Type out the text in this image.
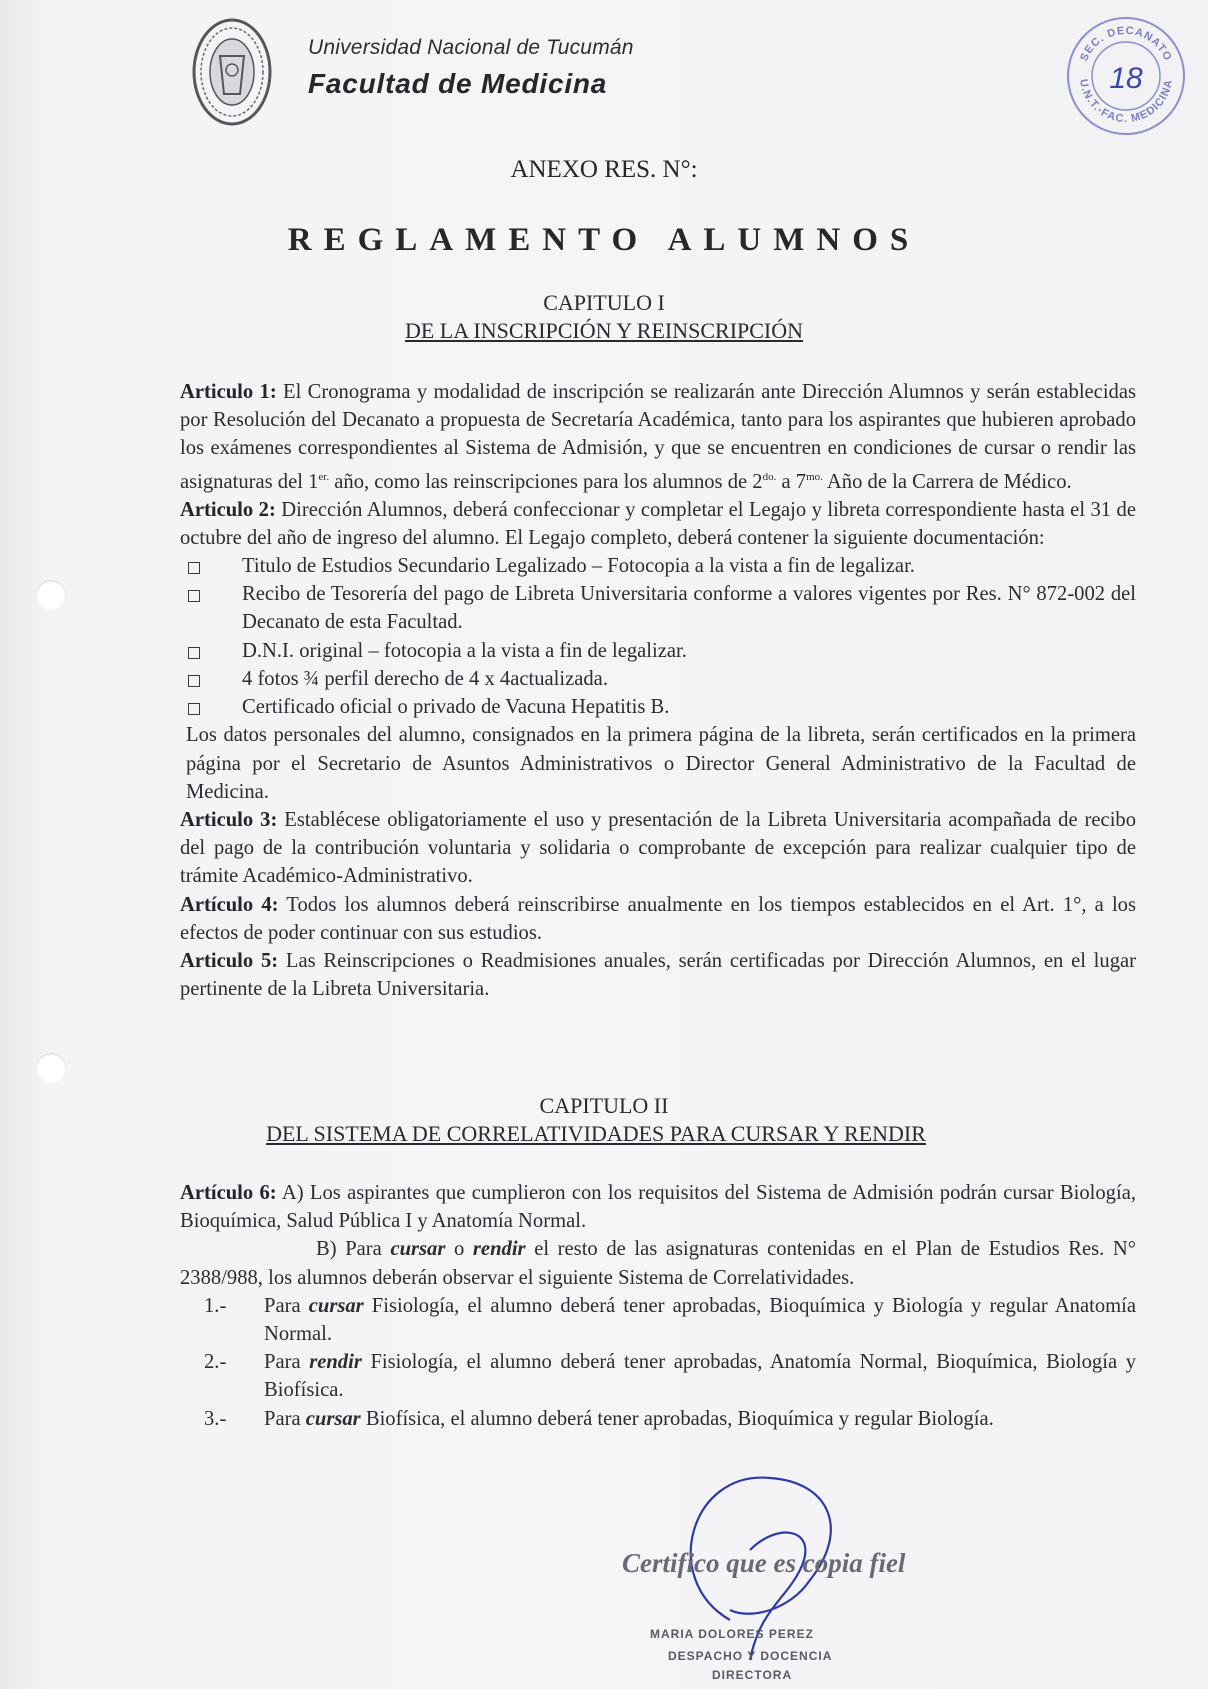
Universidad Nacional de Tucumán
Facultad de Medicina
SEC. DECANATO
U.N.T.-FAC. MEDICINA
18
ANEXO RES. N°:
REGLAMENTO ALUMNOS
CAPITULO I
DE LA INSCRIPCIÓN Y REINSCRIPCIÓN

Articulo 1: El Cronograma y modalidad de inscripción se realizarán ante Dirección Alumnos y serán establecidas por Resolución del Decanato a propuesta de Secretaría Académica, tanto para los aspirantes que hubieren aprobado los exámenes correspondientes al Sistema de Admisión, y que se encuentren en condiciones de cursar o rendir las asignaturas del $1^{er.}$ año, como las reinscripciones para los alumnos de $2^{do.}$ a $7^{mo.}$ Año de la Carrera de Médico.

Articulo 2: Dirección Alumnos, deberá confeccionar y completar el Legajo y libreta correspondiente hasta el 31 de octubre del año de ingreso del alumno. El Legajo completo, deberá contener la siguiente documentación:

Titulo de Estudios Secundario Legalizado – Fotocopia a la vista a fin de legalizar.
Recibo de Tesorería del pago de Libreta Universitaria conforme a valores vigentes por Res. N° 872-002 del Decanato de esta Facultad.
D.N.I. original – fotocopia a la vista a fin de legalizar.
4 fotos ¾ perfil derecho de 4 x 4actualizada.
Certificado oficial o privado de Vacuna Hepatitis B.

Los datos personales del alumno, consignados en la primera página de la libreta, serán certificados en la primera página por el Secretario de Asuntos Administrativos o Director General Administrativo de la Facultad de Medicina.

Articulo 3: Establécese obligatoriamente el uso y presentación de la Libreta Universitaria acompañada de recibo del pago de la contribución voluntaria y solidaria o comprobante de excepción para realizar cualquier tipo de trámite Académico-Administrativo.

Artículo 4: Todos los alumnos deberá reinscribirse anualmente en los tiempos establecidos en el Art. 1°, a los efectos de poder continuar con sus estudios.

Articulo 5: Las Reinscripciones o Readmisiones anuales, serán certificadas por Dirección Alumnos, en el lugar pertinente de la Libreta Universitaria.

CAPITULO II
DEL SISTEMA DE CORRELATIVIDADES PARA CURSAR Y RENDIR

Artículo 6: A) Los aspirantes que cumplieron con los requisitos del Sistema de Admisión podrán cursar Biología, Bioquímica, Salud Pública I y Anatomía Normal.

B) Para cursar o rendir el resto de las asignaturas contenidas en el Plan de Estudios Res. N° 2388/988, los alumnos deberán observar el siguiente Sistema de Correlatividades.

1.- Para cursar Fisiología, el alumno deberá tener aprobadas, Bioquímica y Biología y regular Anatomía Normal.
2.- Para rendir Fisiología, el alumno deberá tener aprobadas, Anatomía Normal, Bioquímica, Biología y Biofísica.
3.- Para cursar Biofísica, el alumno deberá tener aprobadas, Bioquímica y regular Biología.
Certifico que es copia fiel
MARIA DOLORES PEREZ
DESPACHO Y DOCENCIA
DIRECTORA
